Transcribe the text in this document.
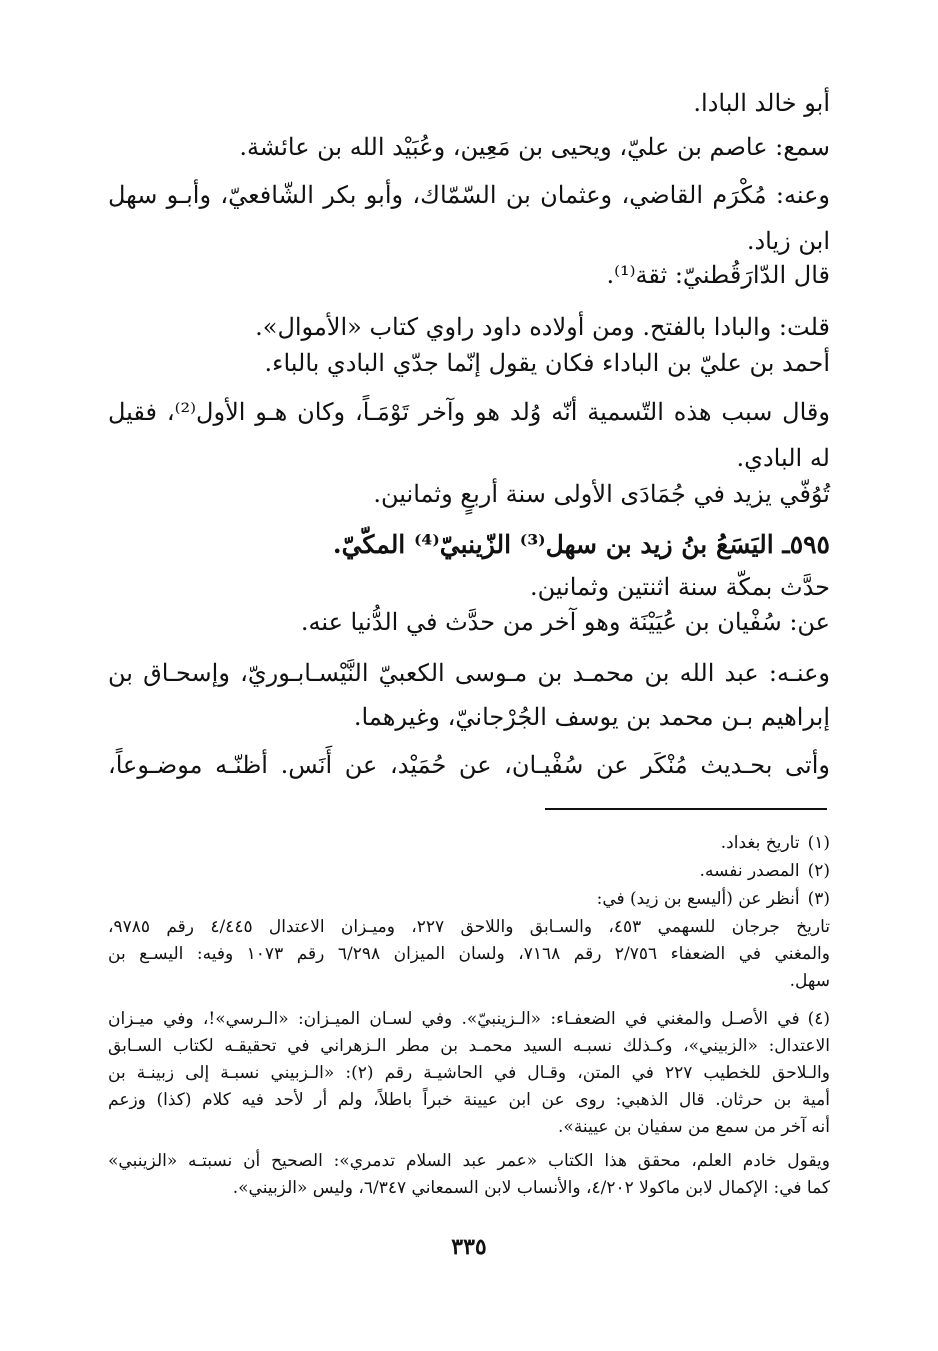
أبو خالد البادا.
سمع: عاصم بن عليّ، ويحيى بن مَعِين، وعُبَيْد الله بن عائشة.
وعنه: مُكْرَم القاضي، وعثمان بن السّمّاك، وأبو بكر الشّافعيّ، وأبـو سهل
ابن زياد.
قال الدّارَقُطنيّ: ثقة⁽¹⁾.
قلت: والبادا بالفتح. ومن أولاده داود راوي كتاب «الأموال».
أحمد بن عليّ بن الباداء فكان يقول إنّما جدّي البادي بالباء.
وقال سبب هذه التّسمية أنّه وُلد هو وآخر تَوْمَـاً، وكان هـو الأول⁽²⁾، فقيل
له البادي.
تُوُفّي يزيد في جُمَادَى الأولى سنة أربعٍ وثمانين.
٥٩٥ـ اليَسَعُ بنُ زيد بن سهل⁽³⁾ الزّينبيّ⁽⁴⁾ المكّيّ.
حدَّث بمكّة سنة اثنتين وثمانين.
عن: سُفْيان بن عُيَيْنَة وهو آخر من حدَّث في الدُّنيا عنه.
وعنـه: عبد الله بن محمـد بن مـوسى الكعبيّ النَّيْسـابـوريّ، وإسحـاق بن
إبراهيم بـن محمد بن يوسف الجُرْجانيّ، وغيرهما.
وأتى بحـديث مُنْكَر عن سُفْيـان، عن حُمَيْد، عن أَنَس. أظنّـه موضـوعاً،
(١)تاريخ بغداد.
(٢)المصدر نفسه.
(٣)أنظر عن (أليسع بن زيد) في:
تاريخ جرجان للسهمي ٤٥٣، والسـابق واللاحق ٢٢٧، وميـزان الاعتدال ٤/٤٤٥ رقم ٩٧٨٥،
والمغني في الضعفاء ٢/٧٥٦ رقم ٧١٦٨، ولسان الميزان ٦/٢٩٨ رقم ١٠٧٣ وفيه: اليسـع بن
سهل.
(٤)في الأصـل والمغني في الضعفـاء: «الـزينبيّ». وفي لسـان الميـزان: «الـرسي»!، وفي ميـزان
الاعتدال: «الزبيني»، وكـذلك نسبـه السيد محمـد بن مطر الـزهراني في تحقيقـه لكتاب السـابق
والـلاحق للخطيب ٢٢٧ في المتن، وقـال في الحاشيـة رقم (٢): «الـزبيني نسبـة إلى زبينـة بن
أمية بن حرثان. قال الذهبي: روى عن ابن عيينة خبراً باطلاً، ولم أر لأحد فيه كلام (كذا) وزعم
أنه آخر من سمع من سفيان بن عيينة».
ويقول خادم العلم، محقق هذا الكتاب «عمر عبد السلام تدمري»: الصحيح أن نسبتـه «الزينبي»
كما في: الإكمال لابن ماكولا ٤/٢٠٢، والأنساب لابن السمعاني ٦/٣٤٧، وليس «الزبيني».
٣٣٥
